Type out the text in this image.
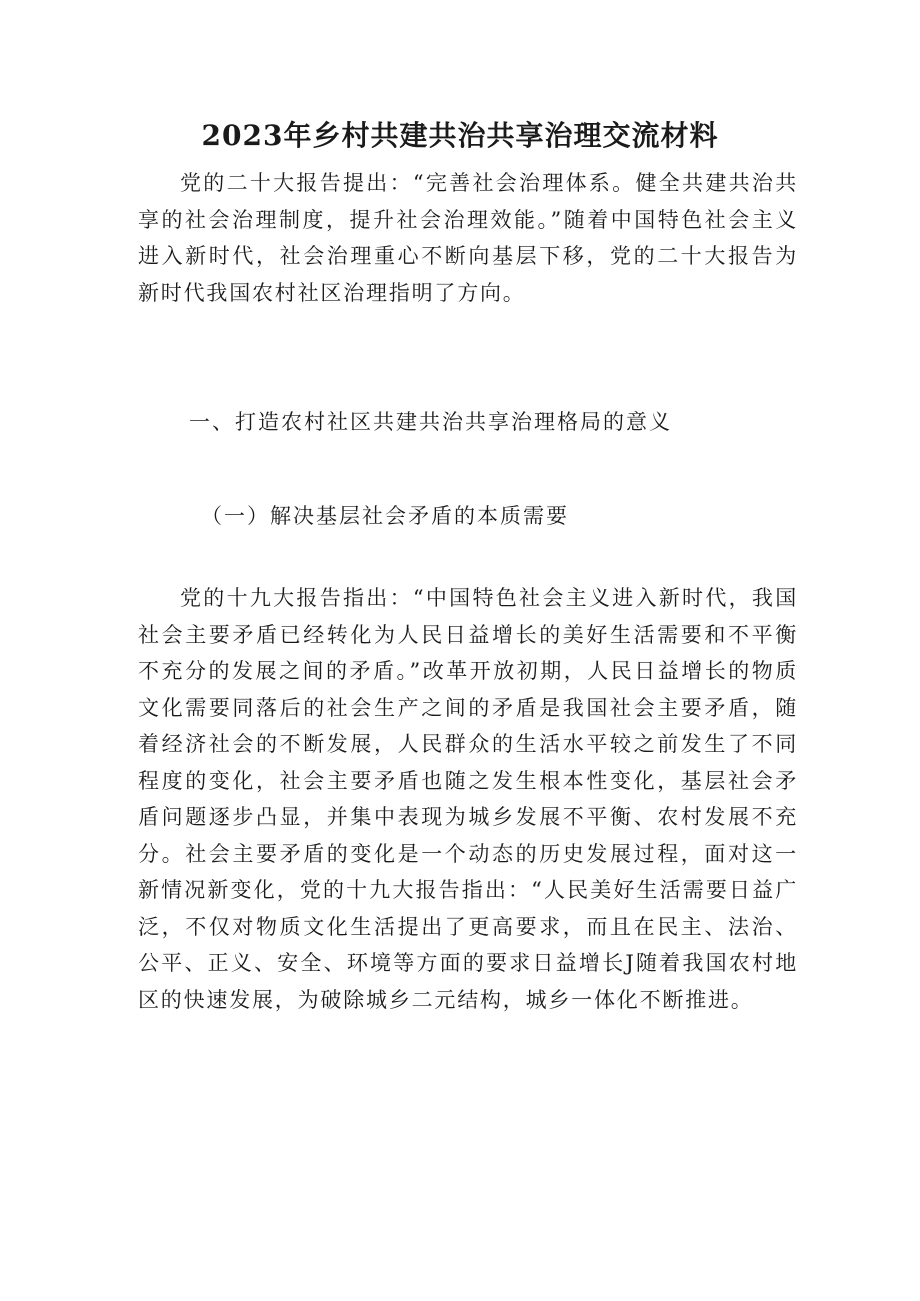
2023年乡村共建共治共享治理交流材料

党的二十大报告提出：“完善社会治理体系。健全共建共治共享的社会治理制度，提升社会治理效能。”随着中国特色社会主义进入新时代，社会治理重心不断向基层下移，党的二十大报告为新时代我国农村社区治理指明了方向。

一、打造农村社区共建共治共享治理格局的意义

（一）解决基层社会矛盾的本质需要

党的十九大报告指出：“中国特色社会主义进入新时代，我国社会主要矛盾已经转化为人民日益增长的美好生活需要和不平衡不充分的发展之间的矛盾。”改革开放初期，人民日益增长的物质文化需要同落后的社会生产之间的矛盾是我国社会主要矛盾，随着经济社会的不断发展，人民群众的生活水平较之前发生了不同程度的变化，社会主要矛盾也随之发生根本性变化，基层社会矛盾问题逐步凸显，并集中表现为城乡发展不平衡、农村发展不充分。社会主要矛盾的变化是一个动态的历史发展过程，面对这一新情况新变化，党的十九大报告指出：“人民美好生活需要日益广泛，不仅对物质文化生活提出了更高要求，而且在民主、法治、公平、正义、安全、环境等方面的要求日益增长J随着我国农村地区的快速发展，为破除城乡二元结构，城乡一体化不断推进。
